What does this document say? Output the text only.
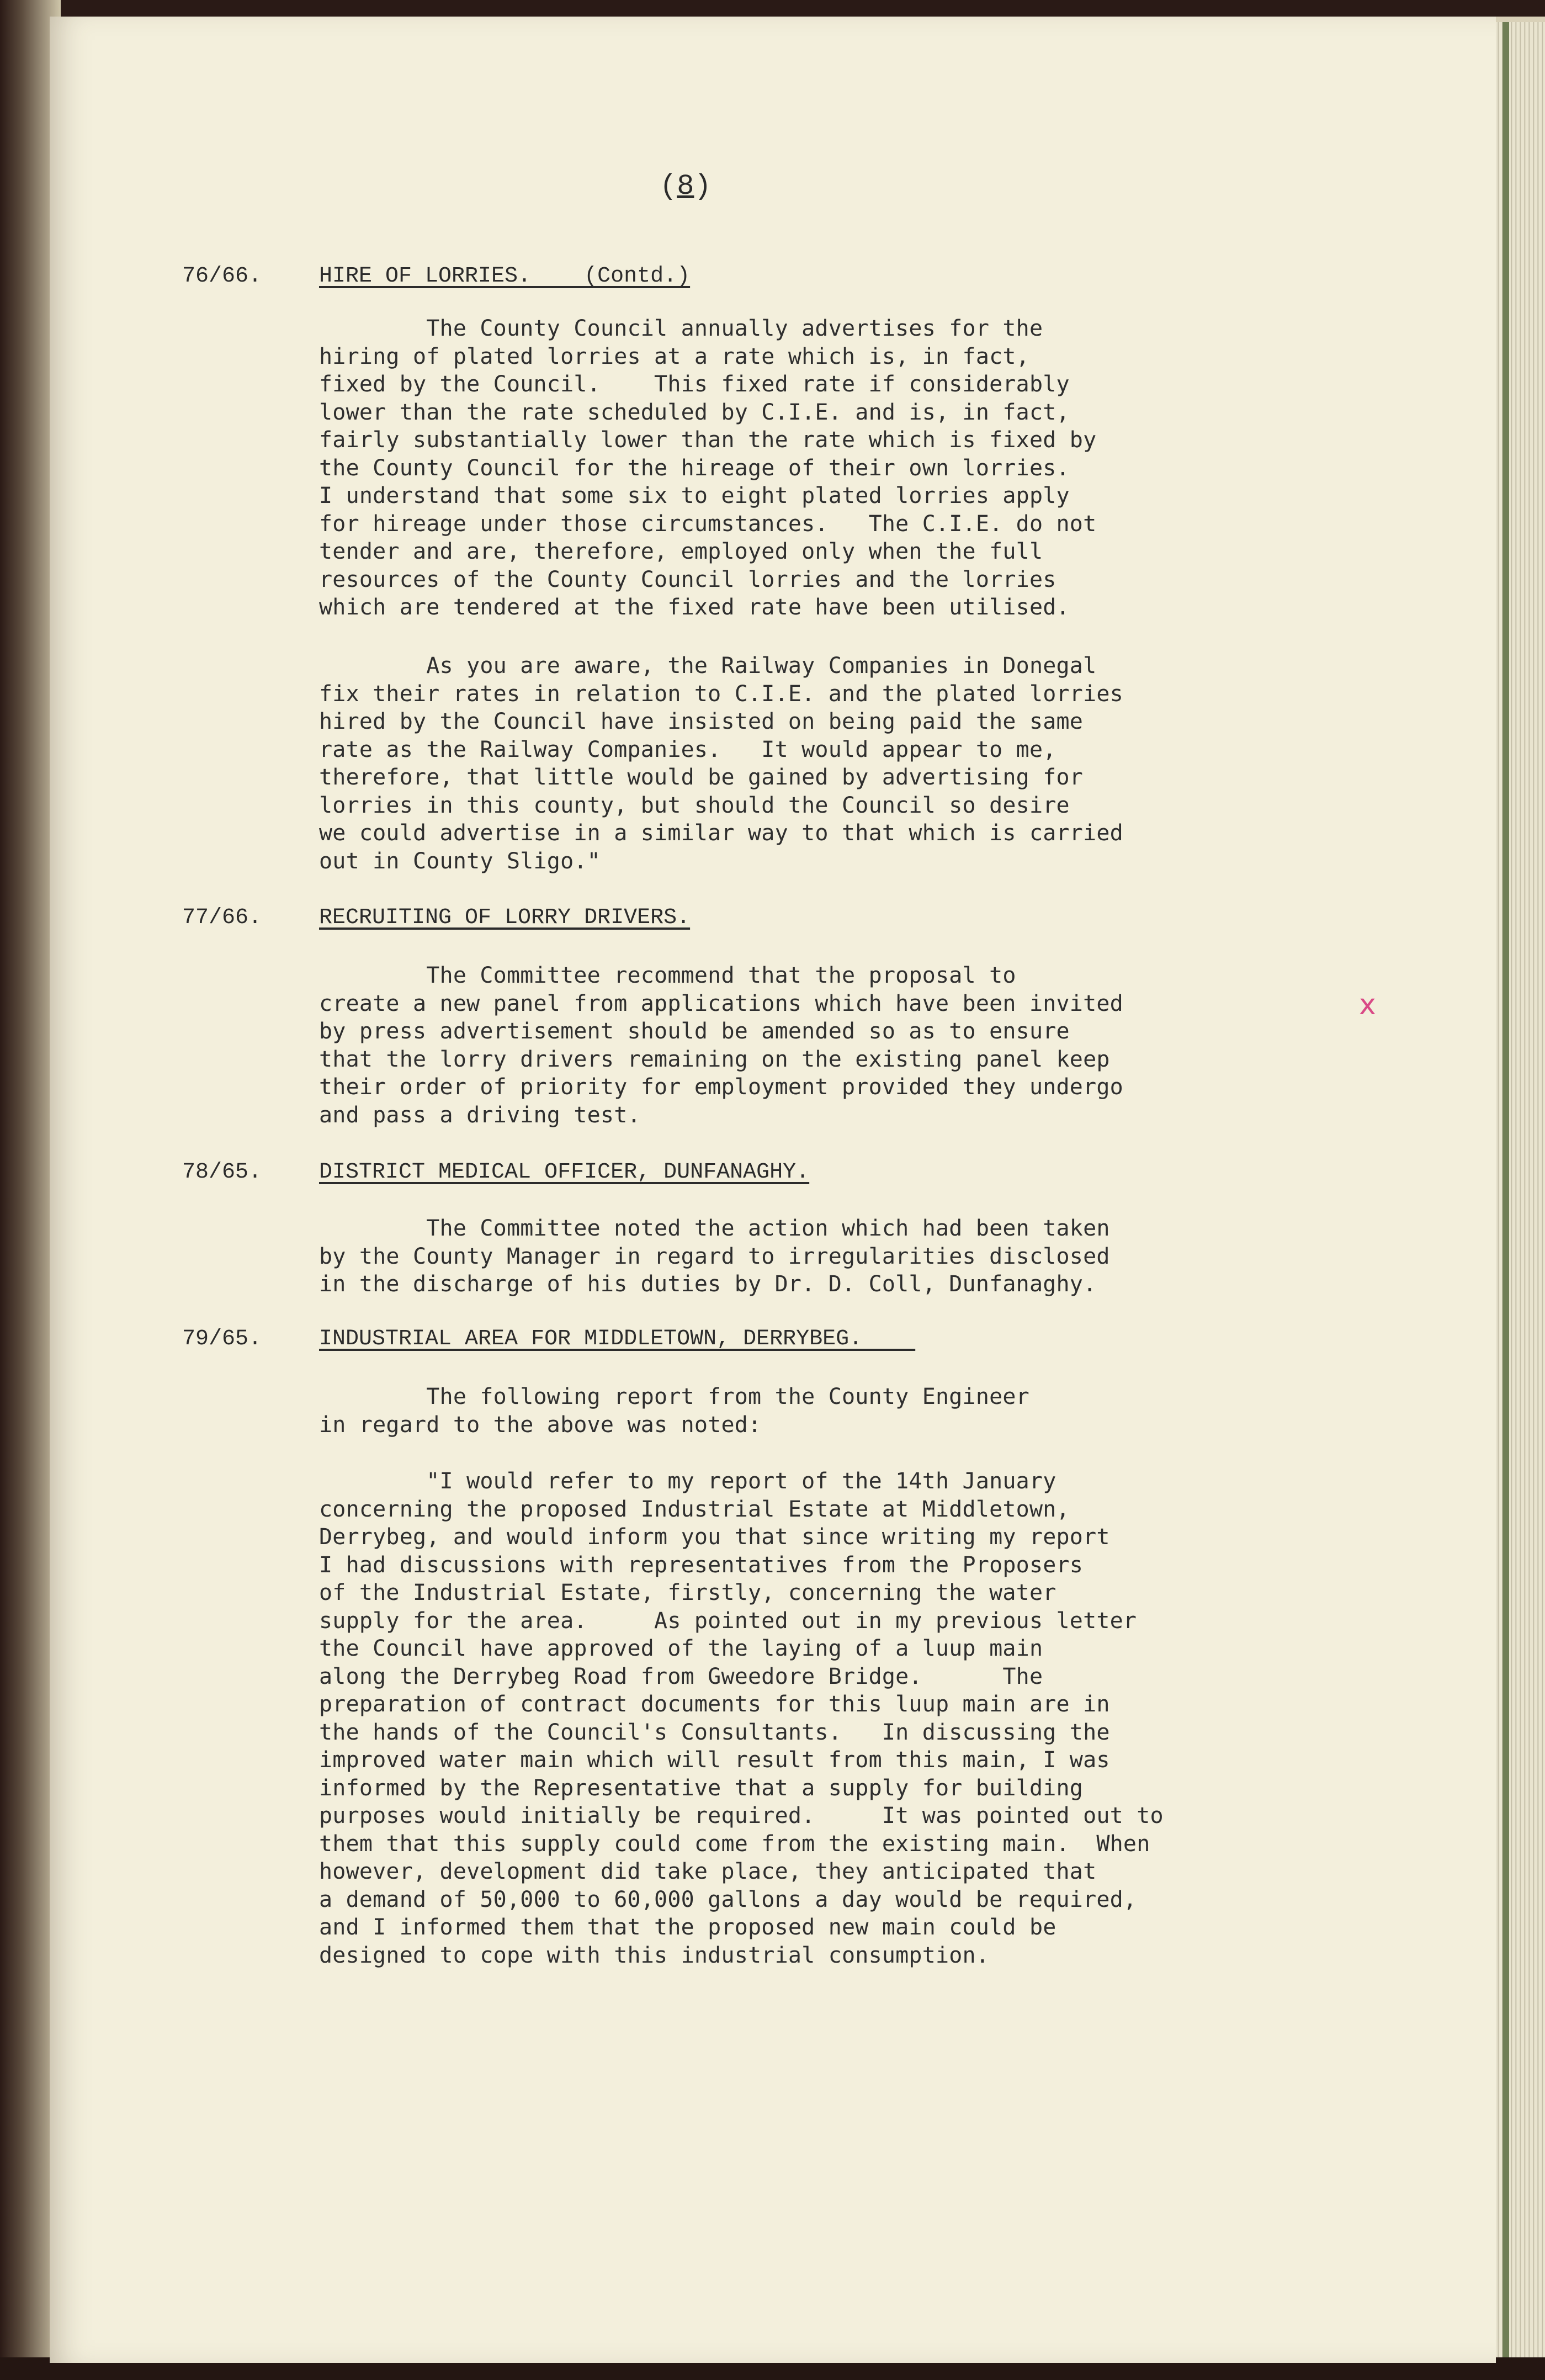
(8)
76/66.	HIRE OF LORRIES.    (Contd.)
The County Council annually advertises for the
hiring of plated lorries at a rate which is, in fact,
fixed by the Council.    This fixed rate if considerably
lower than the rate scheduled by C.I.E. and is, in fact,
fairly substantially lower than the rate which is fixed by
the County Council for the hireage of their own lorries.
I understand that some six to eight plated lorries apply
for hireage under those circumstances.   The C.I.E. do not
tender and are, therefore, employed only when the full
resources of the County Council lorries and the lorries
which are tendered at the fixed rate have been utilised.
As you are aware, the Railway Companies in Donegal
fix their rates in relation to C.I.E. and the plated lorries
hired by the Council have insisted on being paid the same
rate as the Railway Companies.   It would appear to me,
therefore, that little would be gained by advertising for
lorries in this county, but should the Council so desire
we could advertise in a similar way to that which is carried
out in County Sligo."
77/66.	RECRUITING OF LORRY DRIVERS.
The Committee recommend that the proposal to
create a new panel from applications which have been invited
by press advertisement should be amended so as to ensure
that the lorry drivers remaining on the existing panel keep
their order of priority for employment provided they undergo
and pass a driving test.
x
78/65.	DISTRICT MEDICAL OFFICER, DUNFANAGHY.
The Committee noted the action which had been taken
by the County Manager in regard to irregularities disclosed
in the discharge of his duties by Dr. D. Coll, Dunfanaghy.
79/65.	INDUSTRIAL AREA FOR MIDDLETOWN, DERRYBEG.
The following report from the County Engineer
in regard to the above was noted:
"I would refer to my report of the 14th January
concerning the proposed Industrial Estate at Middletown,
Derrybeg, and would inform you that since writing my report
I had discussions with representatives from the Proposers
of the Industrial Estate, firstly, concerning the water
supply for the area.     As pointed out in my previous letter
the Council have approved of the laying of a luup main
along the Derrybeg Road from Gweedore Bridge.      The
preparation of contract documents for this luup main are in
the hands of the Council's Consultants.   In discussing the
improved water main which will result from this main, I was
informed by the Representative that a supply for building
purposes would initially be required.     It was pointed out to
them that this supply could come from the existing main.  When
however, development did take place, they anticipated that
a demand of 50,000 to 60,000 gallons a day would be required,
and I informed them that the proposed new main could be
designed to cope with this industrial consumption.
